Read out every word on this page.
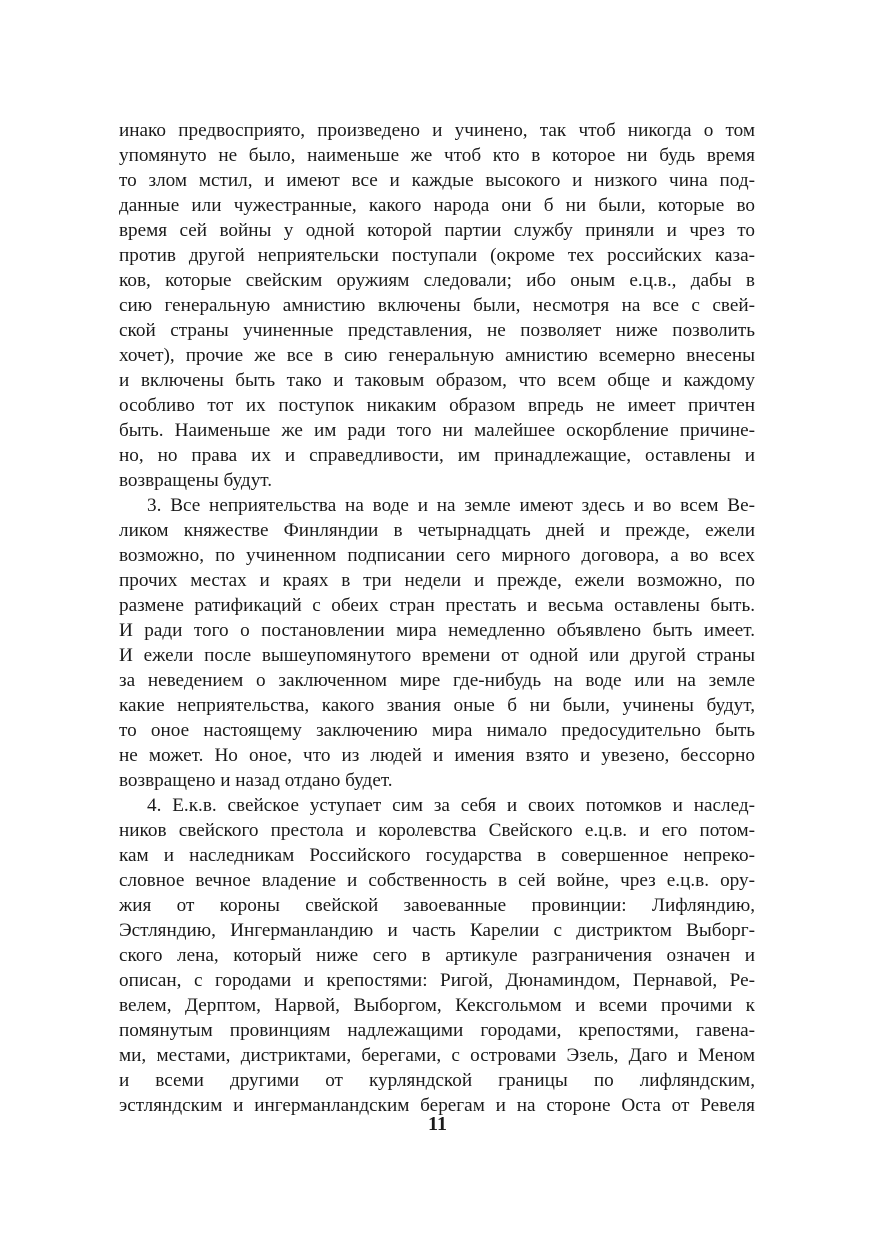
инако предвосприято, произведено и учинено, так чтоб никогда о том
упомянуто не было, наименьше же чтоб кто в которое ни будь время
то злом мстил, и имеют все и каждые высокого и низкого чина под-
данные или чужестранные, какого народа они б ни были, которые во
время сей войны у одной которой партии службу приняли и чрез то
против другой неприятельски поступали (окроме тех российских каза-
ков, которые свейским оружиям следовали; ибо оным е.ц.в., дабы в
сию генеральную амнистию включены были, несмотря на все с свей-
ской страны учиненные представления, не позволяет ниже позволить
хочет), прочие же все в сию генеральную амнистию всемерно внесены
и включены быть тако и таковым образом, что всем обще и каждому
особливо тот их поступок никаким образом впредь не имеет причтен
быть. Наименьше же им ради того ни малейшее оскорбление причине-
но, но права их и справедливости, им принадлежащие, оставлены и
возвращены будут.
3. Все неприятельства на воде и на земле имеют здесь и во всем Ве-
ликом княжестве Финляндии в четырнадцать дней и прежде, ежели
возможно, по учиненном подписании сего мирного договора, а во всех
прочих местах и краях в три недели и прежде, ежели возможно, по
размене ратификаций с обеих стран престать и весьма оставлены быть.
И ради того о постановлении мира немедленно объявлено быть имеет.
И ежели после вышеупомянутого времени от одной или другой страны
за неведением о заключенном мире где-нибудь на воде или на земле
какие неприятельства, какого звания оные б ни были, учинены будут,
то оное настоящему заключению мира нимало предосудительно быть
не может. Но оное, что из людей и имения взято и увезено, бессорно
возвращено и назад отдано будет.
4. Е.к.в. свейское уступает сим за себя и своих потомков и наслед-
ников свейского престола и королевства Свейского е.ц.в. и его потом-
кам и наследникам Российского государства в совершенное непреко-
словное вечное владение и собственность в сей войне, чрез е.ц.в. ору-
жия от короны свейской завоеванные провинции: Лифляндию,
Эстляндию, Ингерманландию и часть Карелии с дистриктом Выборг-
ского лена, который ниже сего в артикуле разграничения означен и
описан, с городами и крепостями: Ригой, Дюнаминдом, Пернавой, Ре-
велем, Дерптом, Нарвой, Выборгом, Кексгольмом и всеми прочими к
помянутым провинциям надлежащими городами, крепостями, гавена-
ми, местами, дистриктами, берегами, с островами Эзель, Даго и Меном
и всеми другими от курляндской границы по лифляндским,
эстляндским и ингерманландским берегам и на стороне Оста от Ревеля
11
